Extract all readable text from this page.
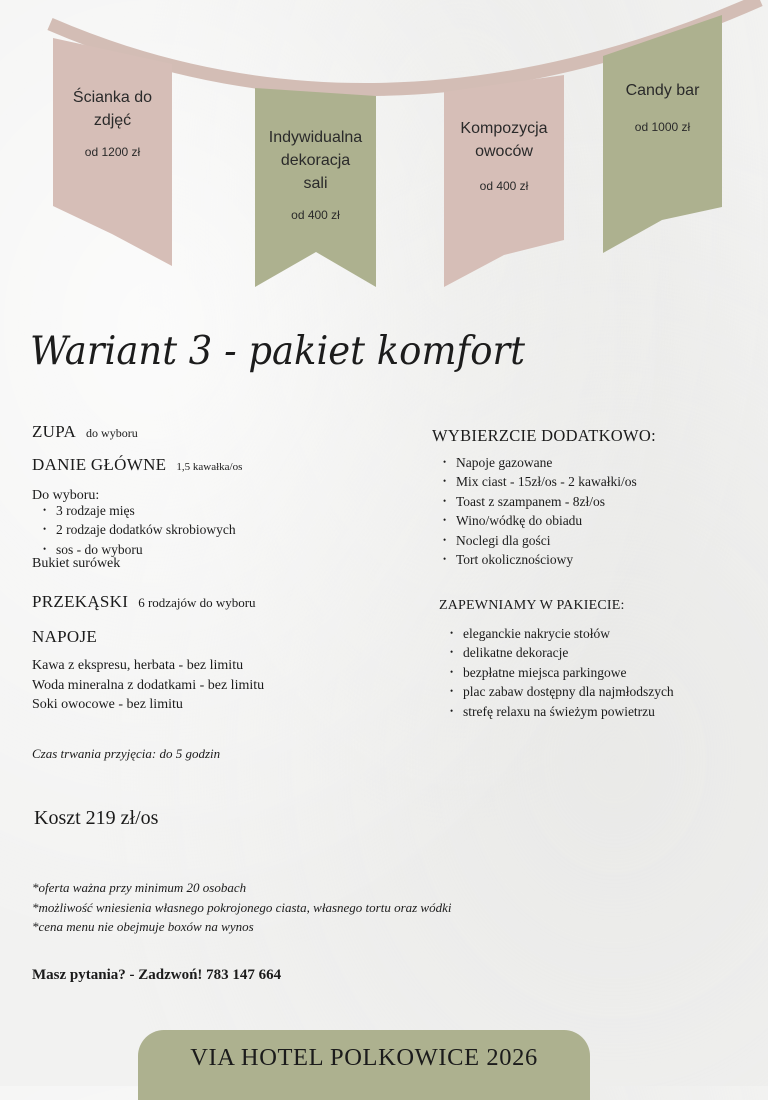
Ścianka do
zdjęć
od 1200 zł
Indywidualna
dekoracja
sali
od 400 zł
Kompozycja
owoców
od 400 zł
Candy bar
od 1000 zł
Wariant 3 - pakiet komfort
ZUPA do wyboru
DANIE GŁÓWNE 1,5 kawałka/os
Do wyboru:
• 3 rodzaje mięs
• 2 rodzaje dodatków skrobiowych
• sos - do wyboru
Bukiet surówek
PRZEKĄSKI 6 rodzajów do wyboru
NAPOJE
Kawa z ekspresu, herbata - bez limitu
Woda mineralna z dodatkami - bez limitu
Soki owocowe - bez limitu
Czas trwania przyjęcia: do 5 godzin
WYBIERZCIE DODATKOWO:
• Napoje gazowane
• Mix ciast - 15zł/os - 2 kawałki/os
• Toast z szampanem - 8zł/os
• Wino/wódkę do obiadu
• Noclegi dla gości
• Tort okolicznościowy
ZAPEWNIAMY W PAKIECIE:
• eleganckie nakrycie stołów
• delikatne dekoracje
• bezpłatne miejsca parkingowe
• plac zabaw dostępny dla najmłodszych
• strefę relaxu na świeżym powietrzu
Koszt 219 zł/os
*oferta ważna przy minimum 20 osobach
*możliwość wniesienia własnego pokrojonego ciasta, własnego tortu oraz wódki
*cena menu nie obejmuje boxów na wynos
Masz pytania? - Zadzwoń! 783 147 664
VIA HOTEL POLKOWICE 2026
